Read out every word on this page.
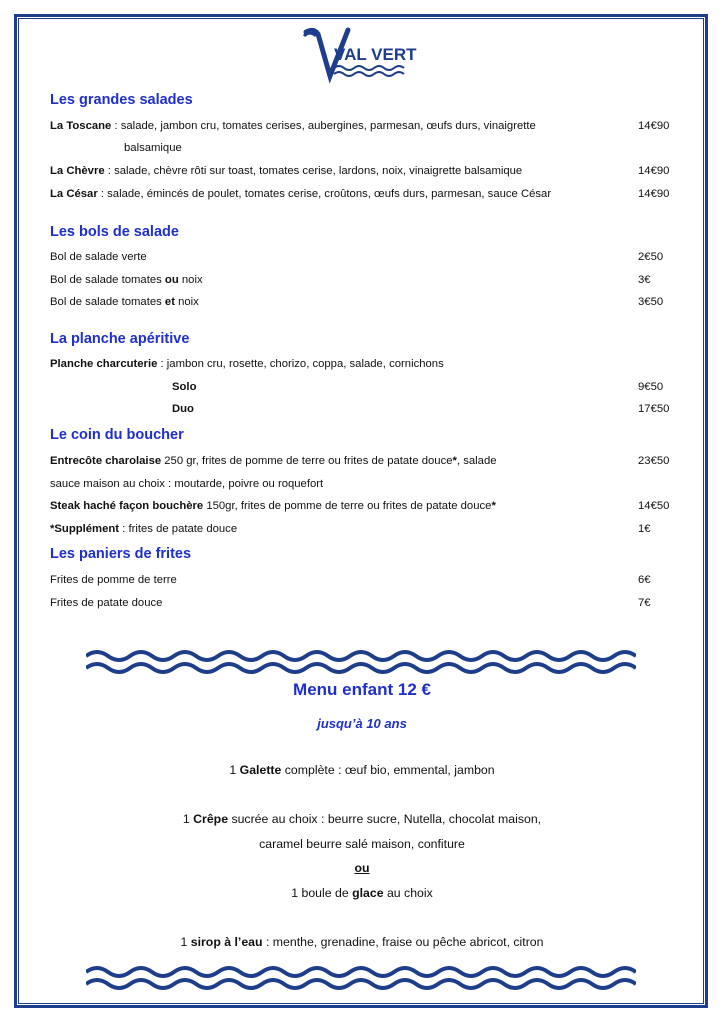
VAL VERT
Les grandes salades
La Toscane : salade, jambon cru, tomates cerises, aubergines, parmesan, œufs durs, vinaigrette	14€90
balsamique
La Chèvre : salade, chèvre rôti sur toast, tomates cerise, lardons, noix, vinaigrette balsamique	14€90
La César : salade, émincés de poulet, tomates cerise, croûtons, œufs durs, parmesan, sauce César	14€90
Les bols de salade
Bol de salade verte	2€50
Bol de salade tomates ou noix	3€
Bol de salade tomates et noix	3€50
La planche apéritive
Planche charcuterie : jambon cru, rosette, chorizo, coppa, salade, cornichons
Solo	9€50
Duo	17€50
Le coin du boucher
Entrecôte charolaise 250 gr, frites de pomme de terre ou frites de patate douce*, salade	23€50
sauce maison au choix : moutarde, poivre ou roquefort
Steak haché façon bouchère 150gr, frites de pomme de terre ou frites de patate douce*	14€50
*Supplément : frites de patate douce	1€
Les paniers de frites
Frites de pomme de terre	6€
Frites de patate douce	7€
Menu enfant 12 €
jusqu’à 10 ans
1 Galette complète : œuf bio, emmental, jambon
1 Crêpe sucrée au choix : beurre sucre, Nutella, chocolat maison,
caramel beurre salé maison, confiture
ou
1 boule de glace au choix
1 sirop à l’eau : menthe, grenadine, fraise ou pêche abricot, citron
